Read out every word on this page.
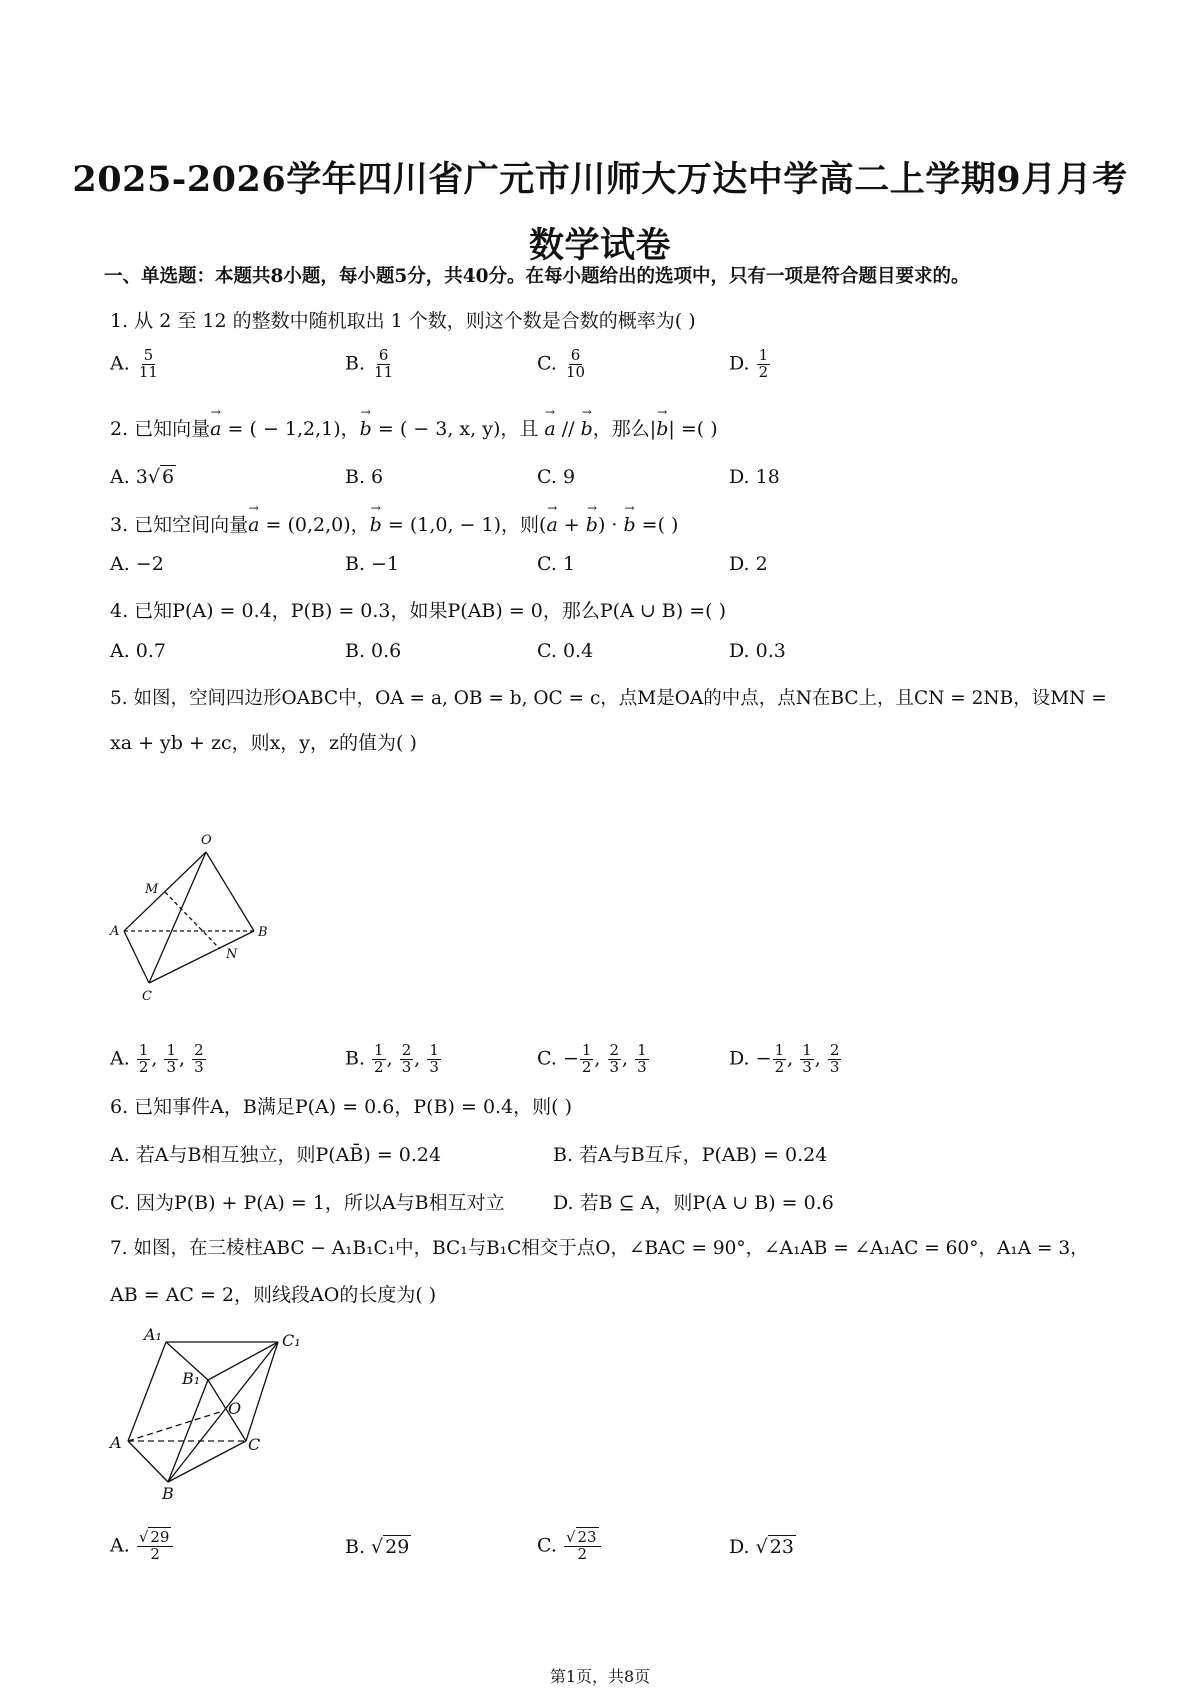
2025-2026学年四川省广元市川师大万达中学高二上学期9月月考
数学试卷
一、单选题：本题共8小题，每小题5分，共40分。在每小题给出的选项中，只有一项是符合题目要求的。
1. 从 2 至 12 的整数中随机取出 1 个数，则这个数是合数的概率为( )
A. $\frac{5}{11}$	B. $\frac{6}{11}$	C. $\frac{6}{10}$	D. $\frac{1}{2}$
2. 已知向量→ a = ( − 1,2,1)，→ b = ( − 3, x, y)，且 → a // → b，那么|→ b| =( )
A. 3√ 6	B. 6	C. 9	D. 18
3. 已知空间向量→ a = (0,2,0)，→ b = (1,0, − 1)，则(→ a + → b) · → b =( )
A. −2	B. −1	C. 1	D. 2
4. 已知P(A) = 0.4，P(B) = 0.3，如果P(AB) = 0，那么P(A ∪ B) =( )
A. 0.7	B. 0.6	C. 0.4	D. 0.3
5. 如图，空间四边形OABC中，OA = a, OB = b, OC = c，点M是OA的中点，点N在BC上，且CN = 2NB，设MN =
xa + yb + zc，则x，y，z的值为( )
O
M
A	B
N
C
A. $\frac{1}{2}$ , $\frac{1}{3}$ , $\frac{2}{3}$	B. $\frac{1}{2}$ , $\frac{2}{3}$ , $\frac{1}{3}$	C. − $\frac{1}{2}$ , $\frac{2}{3}$ , $\frac{1}{3}$	D. − $\frac{1}{2}$ , $\frac{1}{3}$ , $\frac{2}{3}$
6. 已知事件A，B满足P(A) = 0.6，P(B) = 0.4，则( )
A. 若A与B相互独立，则P(AB̄) = 0.24	B. 若A与B互斥，P(AB) = 0.24
C. 因为P(B) + P(A) = 1，所以A与B相互对立	D. 若B ⊆ A，则P(A ∪ B) = 0.6
7. 如图，在三棱柱ABC − A₁B₁C₁中，BC₁与B₁C相交于点O，∠BAC = 90°，∠A₁AB = ∠A₁AC = 60°，A₁A = 3，
AB = AC = 2，则线段AO的长度为( )
A₁	C₁
B₁
O
A	C
B
A. $\frac{√ 29}{2}$	B. √ 29	C. $\frac{√ 23}{2}$	D. √ 23
第1页，共8页
